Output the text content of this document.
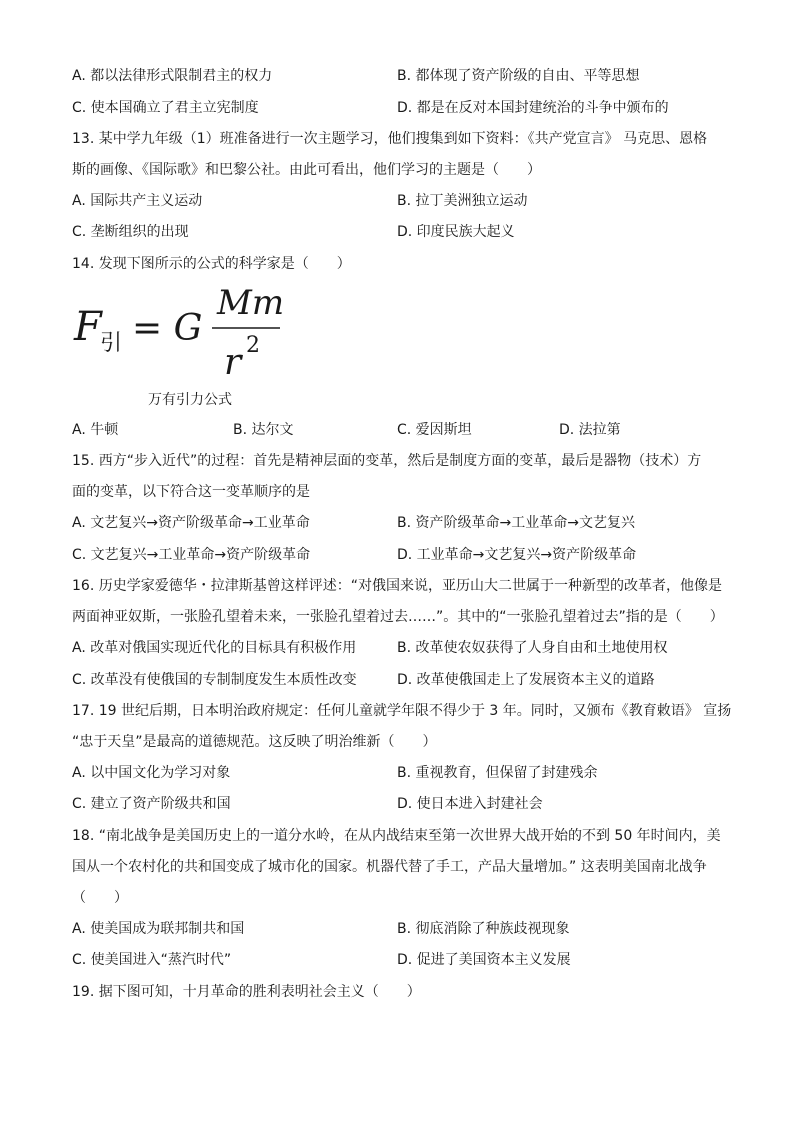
A. 都以法律形式限制君主的权力	B. 都体现了资产阶级的自由、平等思想
C. 使本国确立了君主立宪制度	D. 都是在反对本国封建统治的斗争中颁布的
13. 某中学九年级（1）班准备进行一次主题学习，他们搜集到如下资料：《共产党宣言》 马克思、恩格
斯的画像、《国际歌》和巴黎公社。由此可看出，他们学习的主题是（　　）
A. 国际共产主义运动	B. 拉丁美洲独立运动
C. 垄断组织的出现	D. 印度民族大起义
14. 发现下图所示的公式的科学家是（　　）
F
引 = G
Mm
r 2
万有引力公式
A. 牛顿	B. 达尔文	C. 爱因斯坦	D. 法拉第
15. 西方“步入近代”的过程：首先是精神层面的变革，然后是制度方面的变革，最后是器物（技术）方
面的变革，以下符合这一变革顺序的是
A. 文艺复兴→资产阶级革命→工业革命	B. 资产阶级革命→工业革命→文艺复兴
C. 文艺复兴→工业革命→资产阶级革命	D. 工业革命→文艺复兴→资产阶级革命
16. 历史学家爱德华・拉津斯基曾这样评述：“对俄国来说，亚历山大二世属于一种新型的改革者，他像是
两面神亚奴斯，一张脸孔望着未来，一张脸孔望着过去……”。其中的“一张脸孔望着过去”指的是（　　）
A. 改革对俄国实现近代化的目标具有积极作用	B. 改革使农奴获得了人身自由和土地使用权
C. 改革没有使俄国的专制制度发生本质性改变	D. 改革使俄国走上了发展资本主义的道路
17. 19 世纪后期，日本明治政府规定：任何儿童就学年限不得少于 3 年。同时，又颁布《教育敕语》 宣扬
“忠于天皇”是最高的道德规范。这反映了明治维新（　　）
A. 以中国文化为学习对象	B. 重视教育，但保留了封建残余
C. 建立了资产阶级共和国	D. 使日本进入封建社会
18. “南北战争是美国历史上的一道分水岭，在从内战结束至第一次世界大战开始的不到 50 年时间内，美
国从一个农村化的共和国变成了城市化的国家。机器代替了手工，产品大量增加。” 这表明美国南北战争
（　　）
A. 使美国成为联邦制共和国	B. 彻底消除了种族歧视现象
C. 使美国进入“蒸汽时代”	D. 促进了美国资本主义发展
19. 据下图可知，十月革命的胜利表明社会主义（　　）
